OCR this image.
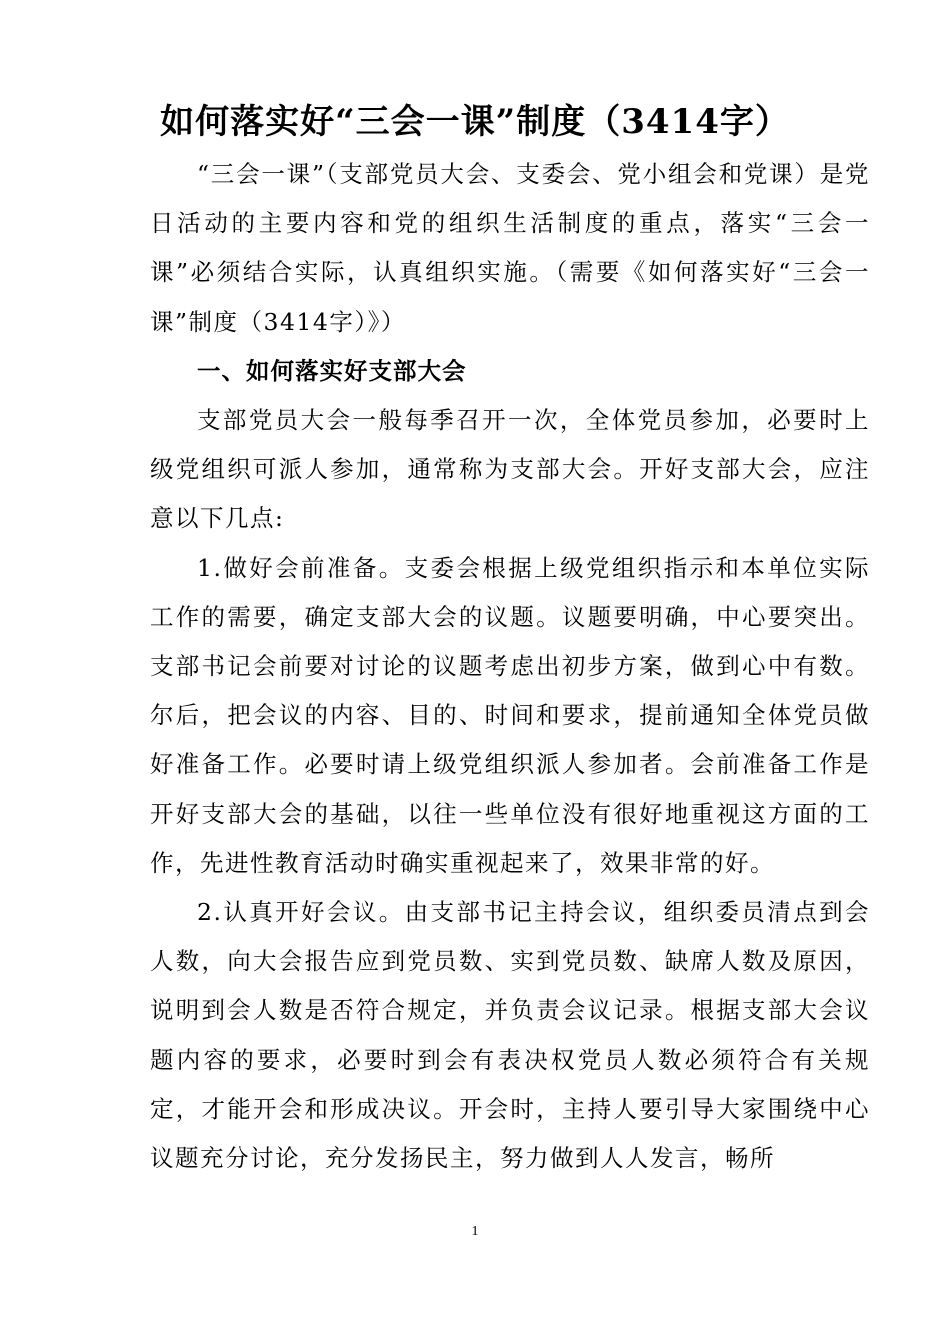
如何落实好“三会一课”制度（3414字）

“三会一课”（支部党员大会、支委会、党小组会和党课）是党日活动的主要内容和党的组织生活制度的重点，落实“三会一课”必须结合实际，认真组织实施。（需要《如何落实好“三会一课”制度（3414字）》）

一、如何落实好支部大会

支部党员大会一般每季召开一次，全体党员参加，必要时上级党组织可派人参加，通常称为支部大会。开好支部大会，应注意以下几点:

1.做好会前准备。支委会根据上级党组织指示和本单位实际工作的需要，确定支部大会的议题。议题要明确，中心要突出。支部书记会前要对讨论的议题考虑出初步方案，做到心中有数。尔后，把会议的内容、目的、时间和要求，提前通知全体党员做好准备工作。必要时请上级党组织派人参加者。会前准备工作是开好支部大会的基础，以往一些单位没有很好地重视这方面的工作，先进性教育活动时确实重视起来了，效果非常的好。

2.认真开好会议。由支部书记主持会议，组织委员清点到会人数，向大会报告应到党员数、实到党员数、缺席人数及原因，说明到会人数是否符合规定，并负责会议记录。根据支部大会议题内容的要求，必要时到会有表决权党员人数必须符合有关规定，才能开会和形成决议。开会时，主持人要引导大家围绕中心议题充分讨论，充分发扬民主，努力做到人人发言，畅所

1
